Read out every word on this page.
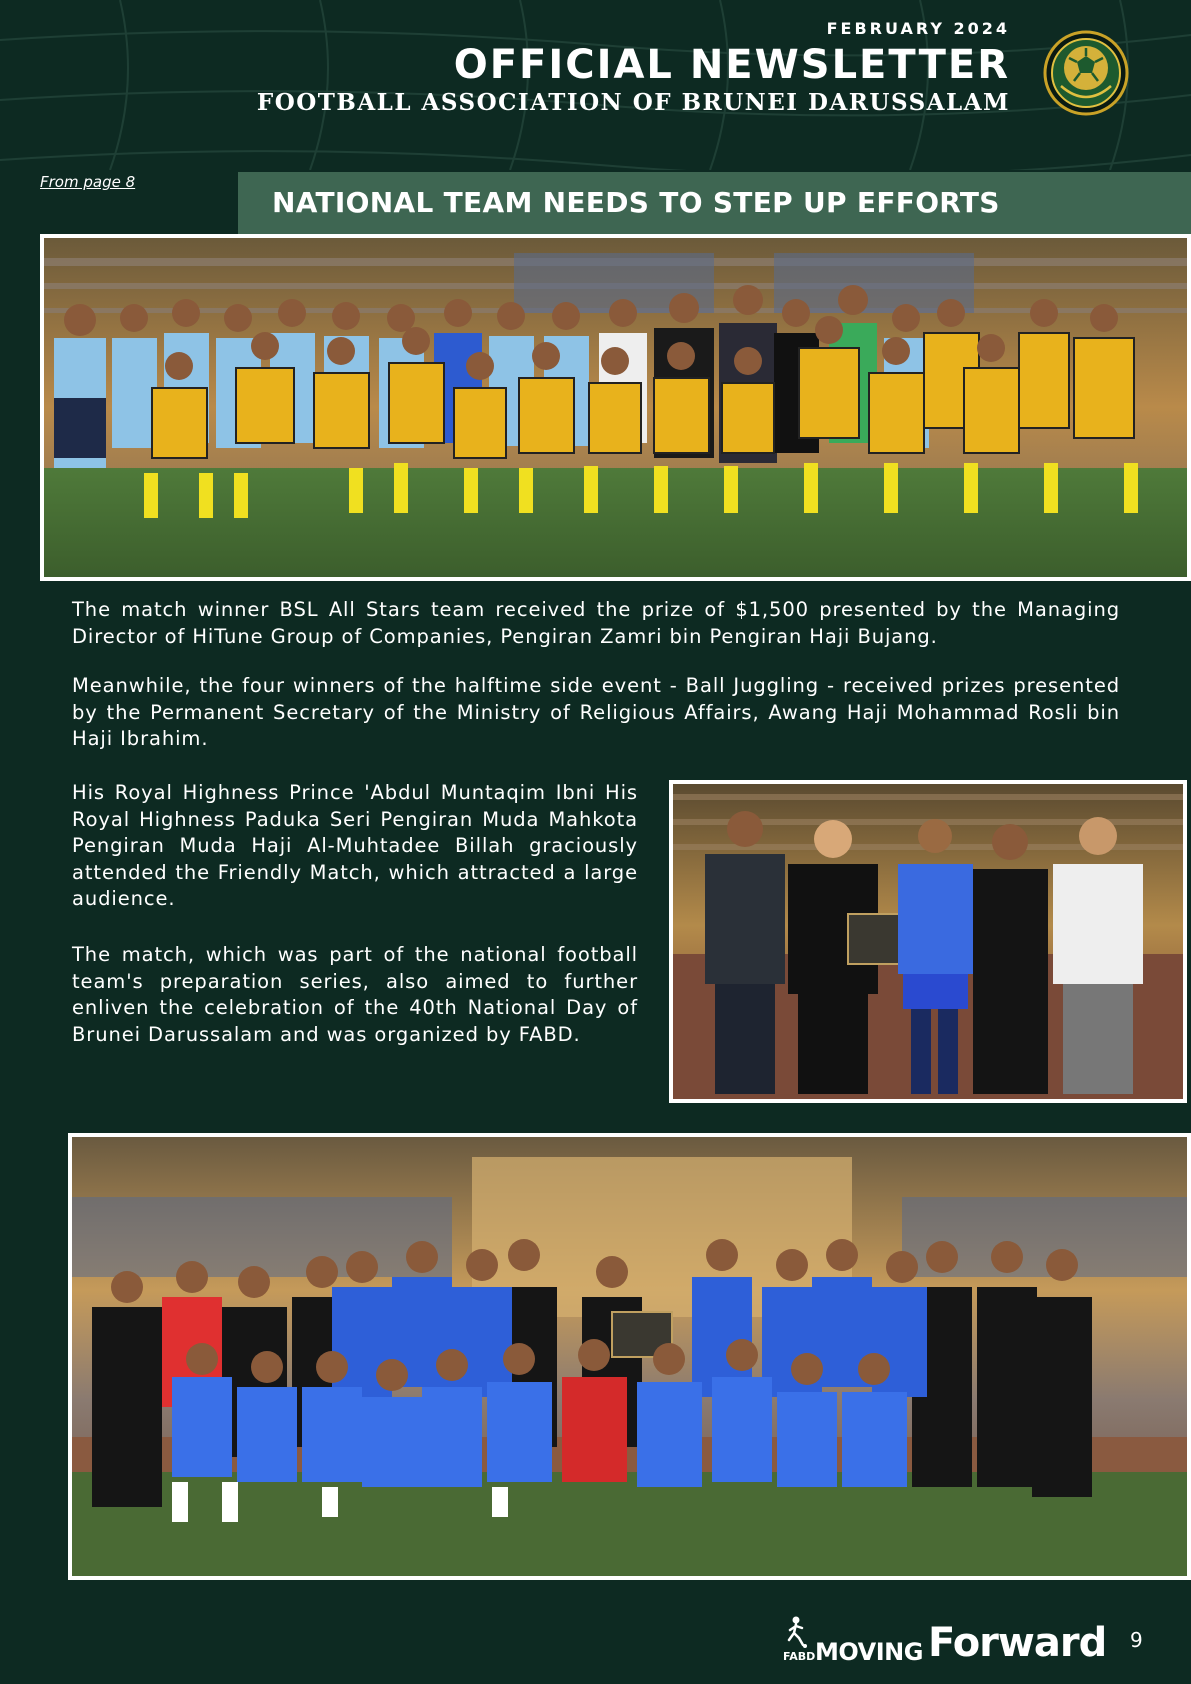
FEBRUARY 2024
OFFICIAL NEWSLETTER
FOOTBALL ASSOCIATION OF BRUNEI DARUSSALAM
From page 8
NATIONAL TEAM NEEDS TO STEP UP EFFORTS
The match winner BSL All Stars team received the prize of $1,500 presented by the Managing Director of HiTune Group of Companies, Pengiran Zamri bin Pengiran Haji Bujang.
Meanwhile, the four winners of the halftime side event - Ball Juggling - received prizes presented by the Permanent Secretary of the Ministry of Religious Affairs, Awang Haji Mohammad Rosli bin Haji Ibrahim.
His Royal Highness Prince 'Abdul Muntaqim Ibni His Royal Highness Paduka Seri Pengiran Muda Mahkota Pengiran Muda Haji Al-Muhtadee Billah graciously attended the Friendly Match, which attracted a large audience.
The match, which was part of the national football team's preparation series, also aimed to further enliven the celebration of the 40th National Day of Brunei Darussalam and was organized by FABD.
FABD MOVING Forward 9
